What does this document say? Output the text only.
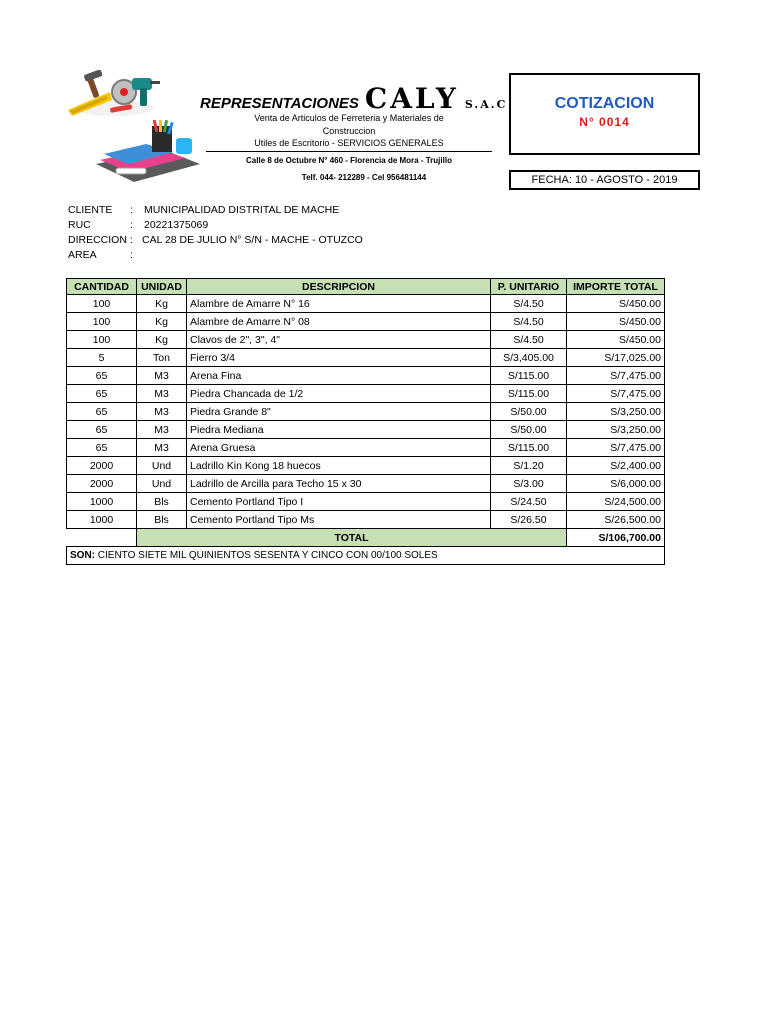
REPRESENTACIONES CALY S.A.C
Venta de Articulos de Ferreteria y Materiales de
Construccion
Utiles de Escritorio - SERVICIOS GENERALES
Calle 8 de Octubre N° 460 - Florencia de Mora - Trujillo
Telf. 044- 212289 - Cel 956481144
COTIZACION
N° 0014
FECHA: 10 - AGOSTO - 2019
CLIENTE : MUNICIPALIDAD DISTRITAL DE MACHE
RUC	: 20221375069
DIRECCION : CAL 28 DE JULIO N° S/N - MACHE - OTUZCO
AREA	:
CANTIDAD	UNIDAD	DESCRIPCION	P. UNITARIO	IMPORTE TOTAL
100	Kg	Alambre de Amarre N° 16	S/4.50	S/450.00
100	Kg	Alambre de Amarre N° 08	S/4.50	S/450.00
100	Kg	Clavos de 2", 3", 4"	S/4.50	S/450.00
5	Ton	Fierro 3/4	S/3,405.00	S/17,025.00
65	M3	Arena Fina	S/115.00	S/7,475.00
65	M3	Piedra Chancada de 1/2	S/115.00	S/7,475.00
65	M3	Piedra Grande 8"	S/50.00	S/3,250.00
65	M3	Piedra Mediana	S/50.00	S/3,250.00
65	M3	Arena Gruesa	S/115.00	S/7,475.00
2000	Und	Ladrillo Kin Kong 18 huecos	S/1.20	S/2,400.00
2000	Und	Ladrillo de Arcilla para Techo 15 x 30	S/3.00	S/6,000.00
1000	Bls	Cemento Portland Tipo I	S/24.50	S/24,500.00
1000	Bls	Cemento Portland Tipo Ms	S/26.50	S/26,500.00
	TOTAL			S/106,700.00
SON: CIENTO SIETE MIL QUINIENTOS SESENTA Y CINCO CON 00/100 SOLES				
